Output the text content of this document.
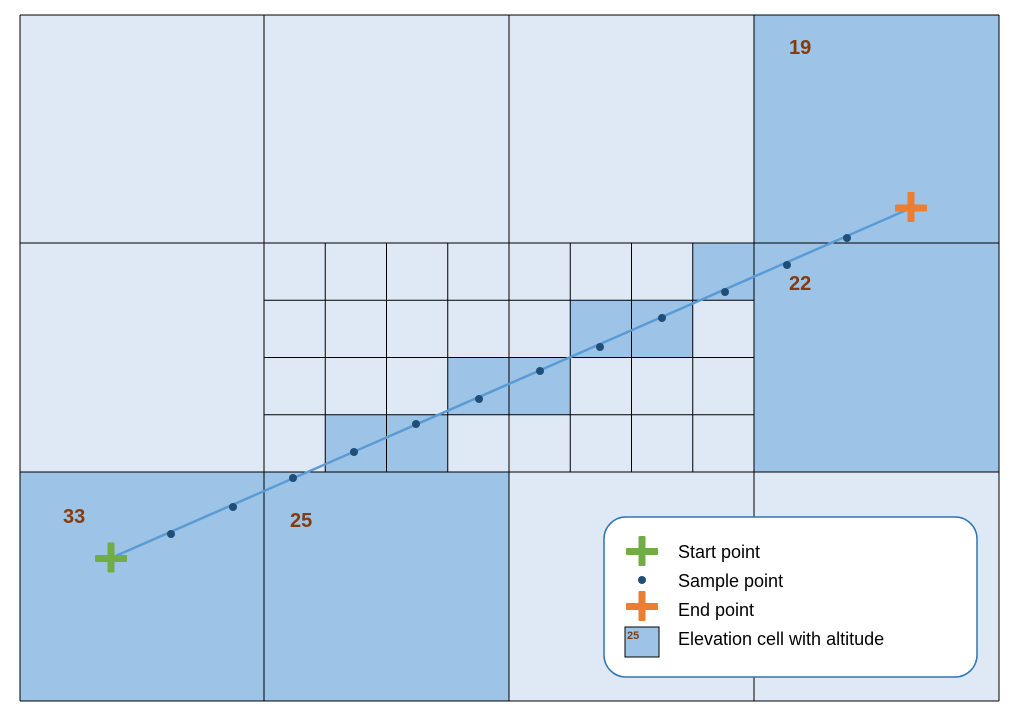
19
22
33	25
Start point
Sample point
End point
25 Elevation cell with altitude
